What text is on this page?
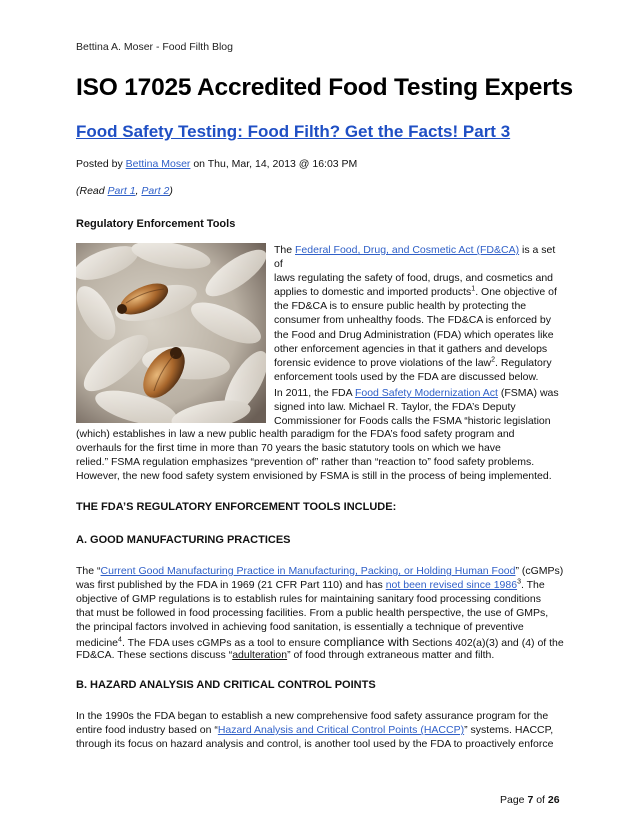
Bettina A. Moser - Food Filth Blog
ISO 17025 Accredited Food Testing Experts
Food Safety Testing: Food Filth? Get the Facts! Part 3
Posted by Bettina Moser on Thu, Mar, 14, 2013 @ 16:03 PM
(Read Part 1, Part 2)
Regulatory Enforcement Tools
The Federal Food, Drug, and Cosmetic Act (FD&CA) is a set of
laws regulating the safety of food, drugs, and cosmetics and
applies to domestic and imported products$^1$. One objective of
the FD&CA is to ensure public health by protecting the
consumer from unhealthy foods. The FD&CA is enforced by
the Food and Drug Administration (FDA) which operates like
other enforcement agencies in that it gathers and develops
forensic evidence to prove violations of the law$^2$. Regulatory
enforcement tools used by the FDA are discussed below.
In 2011, the FDA Food Safety Modernization Act (FSMA) was
signed into law. Michael R. Taylor, the FDA’s Deputy
Commissioner for Foods calls the FSMA “historic legislation
(which) establishes in law a new public health paradigm for the FDA’s food safety program and
overhauls for the first time in more than 70 years the basic statutory tools on which we have
relied.” FSMA regulation emphasizes “prevention of” rather than “reaction to” food safety problems.
However, the new food safety system envisioned by FSMA is still in the process of being implemented.
THE FDA’S REGULATORY ENFORCEMENT TOOLS INCLUDE:
A. GOOD MANUFACTURING PRACTICES
The “Current Good Manufacturing Practice in Manufacturing, Packing, or Holding Human Food” (cGMPs)
was first published by the FDA in 1969 (21 CFR Part 110) and has not been revised since 1986$^3$. The
objective of GMP regulations is to establish rules for maintaining sanitary food processing conditions
that must be followed in food processing facilities. From a public health perspective, the use of GMPs,
the principal factors involved in achieving food sanitation, is essentially a technique of preventive
medicine$^4$. The FDA uses cGMPs as a tool to ensure compliance with Sections 402(a)(3) and (4) of the
FD&CA. These sections discuss “adulteration” of food through extraneous matter and filth.
B. HAZARD ANALYSIS AND CRITICAL CONTROL POINTS
In the 1990s the FDA began to establish a new comprehensive food safety assurance program for the
entire food industry based on “Hazard Analysis and Critical Control Points (HACCP)” systems. HACCP,
through its focus on hazard analysis and control, is another tool used by the FDA to proactively enforce
Page 7 of 26
